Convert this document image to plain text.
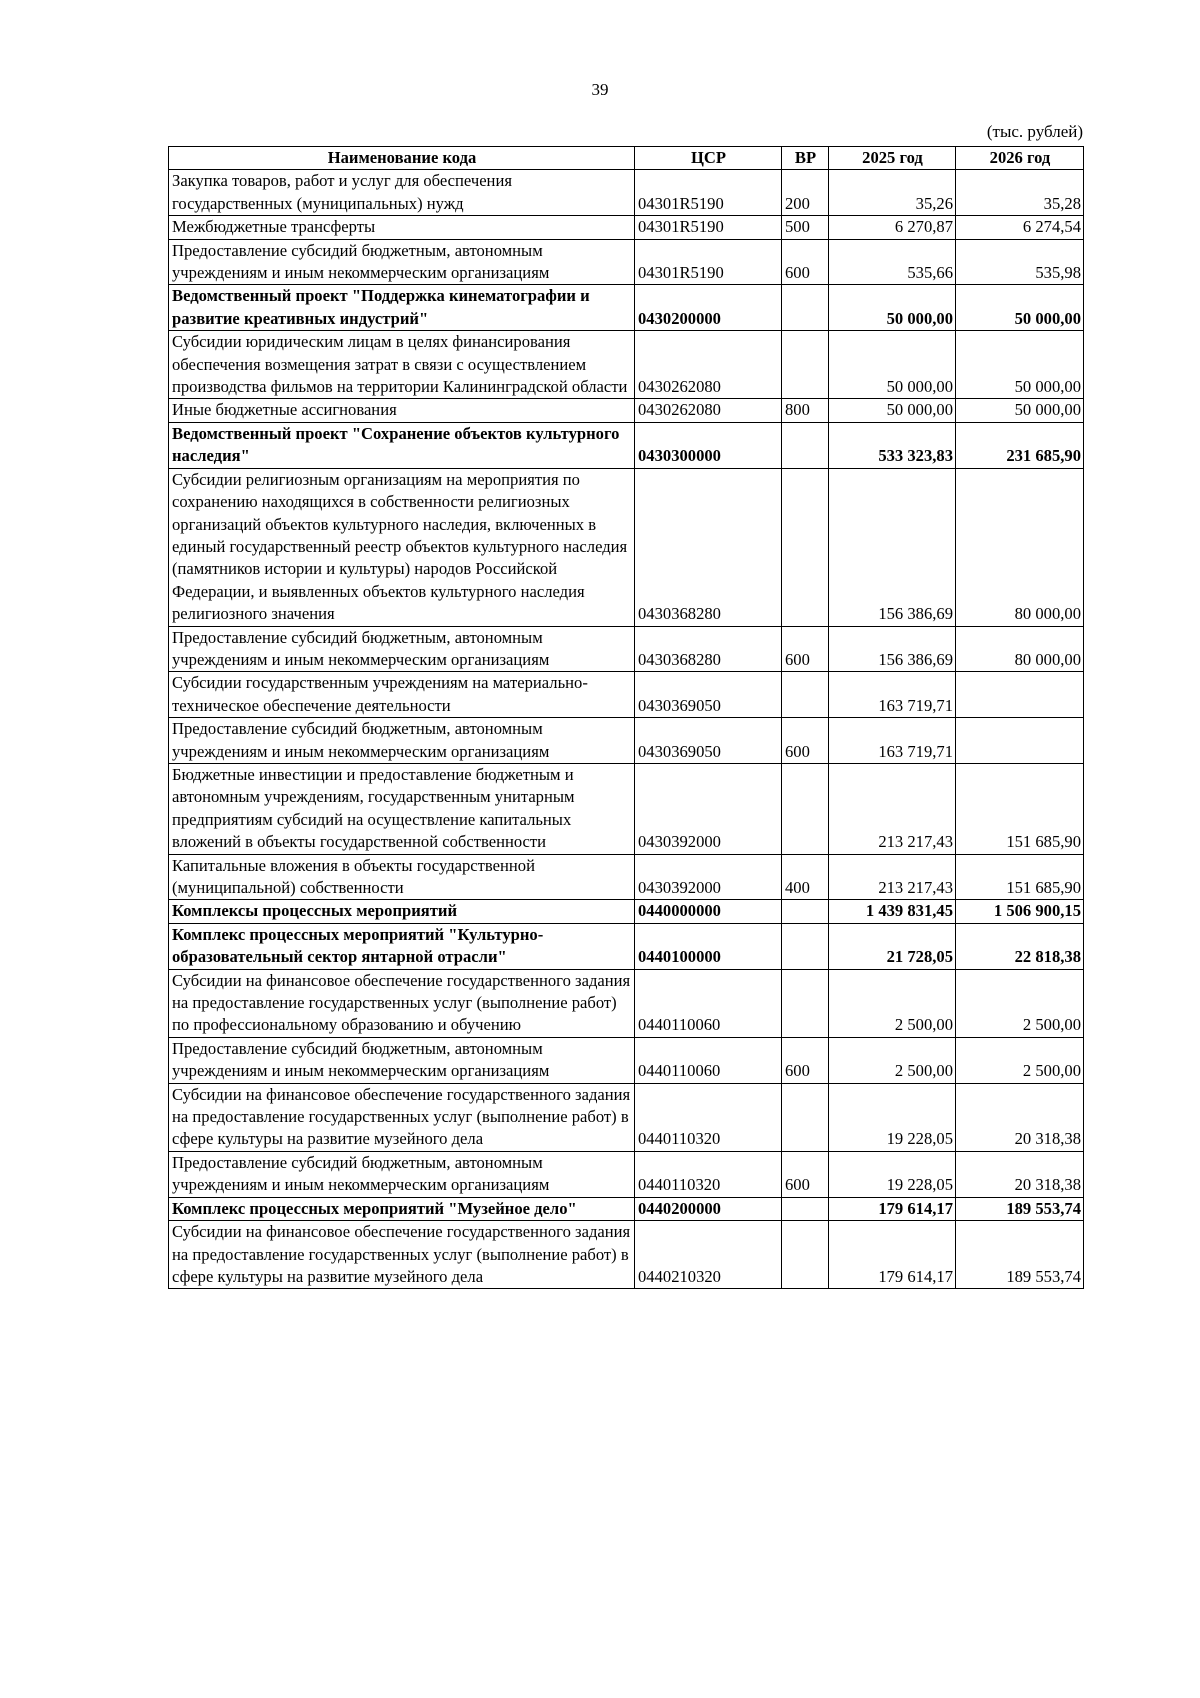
39
(тыс. рублей)
Наименование кода	ЦСР	ВР	2025 год	2026 год
Закупка товаров, работ и услуг для обеспечения государственных (муниципальных) нужд	04301R5190	200	35,26	35,28
Межбюджетные трансферты	04301R5190	500	6 270,87	6 274,54
Предоставление субсидий бюджетным, автономным учреждениям и иным некоммерческим организациям	04301R5190	600	535,66	535,98
Ведомственный проект "Поддержка кинематографии и развитие креативных индустрий"	0430200000		50 000,00	50 000,00
Субсидии юридическим лицам в целях финансирования обеспечения возмещения затрат в связи с осуществлением производства фильмов на территории Калининградской области	0430262080		50 000,00	50 000,00
Иные бюджетные ассигнования	0430262080	800	50 000,00	50 000,00
Ведомственный проект "Сохранение объектов культурного наследия"	0430300000		533 323,83	231 685,90
Субсидии религиозным организациям на мероприятия по сохранению находящихся в собственности религиозных организаций объектов культурного наследия, включенных в единый государственный реестр объектов культурного наследия (памятников истории и культуры) народов Российской Федерации, и выявленных объектов культурного наследия религиозного значения	0430368280		156 386,69	80 000,00
Предоставление субсидий бюджетным, автономным учреждениям и иным некоммерческим организациям	0430368280	600	156 386,69	80 000,00
Субсидии государственным учреждениям на материально-техническое обеспечение деятельности	0430369050		163 719,71	
Предоставление субсидий бюджетным, автономным учреждениям и иным некоммерческим организациям	0430369050	600	163 719,71	
Бюджетные инвестиции и предоставление бюджетным и автономным учреждениям, государственным унитарным предприятиям субсидий на осуществление капитальных вложений в объекты государственной собственности	0430392000		213 217,43	151 685,90
Капитальные вложения в объекты государственной (муниципальной) собственности	0430392000	400	213 217,43	151 685,90
Комплексы процессных мероприятий	0440000000		1 439 831,45	1 506 900,15
Комплекс процессных мероприятий "Культурно-образовательный сектор янтарной отрасли"	0440100000		21 728,05	22 818,38
Субсидии на финансовое обеспечение государственного задания на предоставление государственных услуг (выполнение работ) по профессиональному образованию и обучению	0440110060		2 500,00	2 500,00
Предоставление субсидий бюджетным, автономным учреждениям и иным некоммерческим организациям	0440110060	600	2 500,00	2 500,00
Субсидии на финансовое обеспечение государственного задания на предоставление государственных услуг (выполнение работ) в сфере культуры на развитие музейного дела	0440110320		19 228,05	20 318,38
Предоставление субсидий бюджетным, автономным учреждениям и иным некоммерческим организациям	0440110320	600	19 228,05	20 318,38
Комплекс процессных мероприятий "Музейное дело"	0440200000		179 614,17	189 553,74
Субсидии на финансовое обеспечение государственного задания на предоставление государственных услуг (выполнение работ) в сфере культуры на развитие музейного дела	0440210320		179 614,17	189 553,74
